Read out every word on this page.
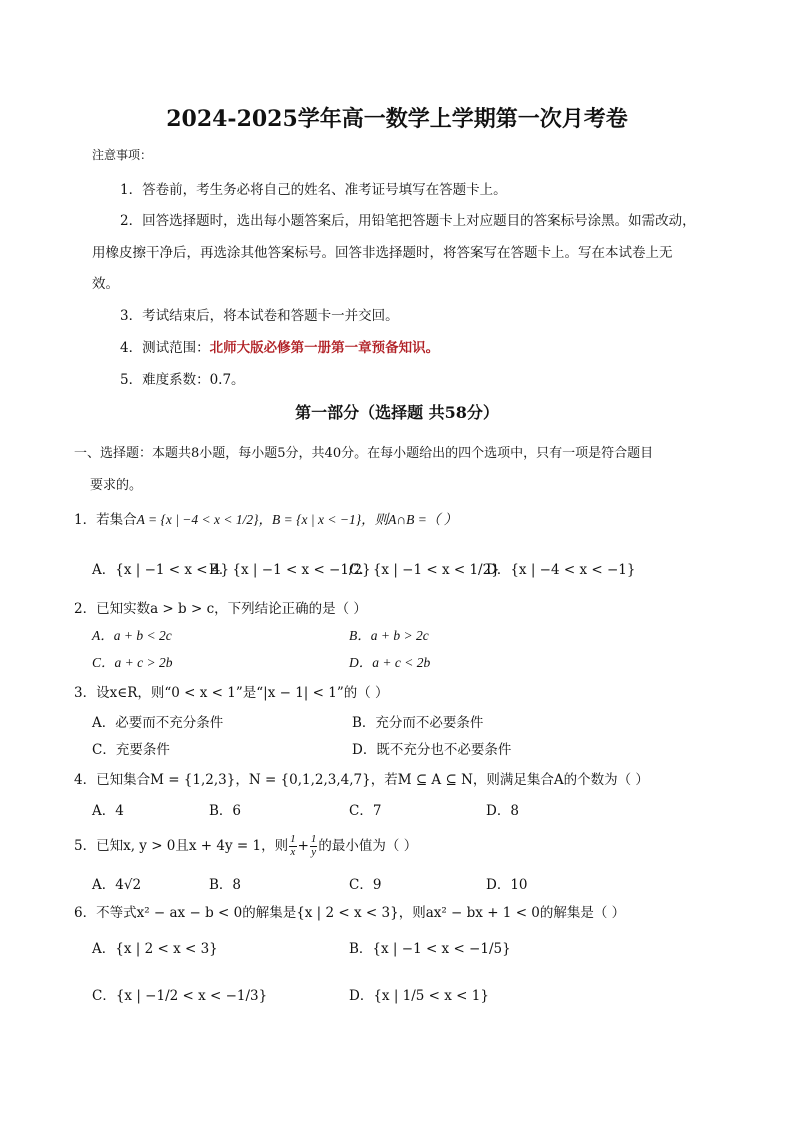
2024-2025学年高一数学上学期第一次月考卷
注意事项：
1．答卷前，考生务必将自己的姓名、准考证号填写在答题卡上。
2．回答选择题时，选出每小题答案后，用铅笔把答题卡上对应题目的答案标号涂黑。如需改动，
用橡皮擦干净后，再选涂其他答案标号。回答非选择题时，将答案写在答题卡上。写在本试卷上无
效。
3．考试结束后，将本试卷和答题卡一并交回。
4．测试范围：北师大版必修第一册第一章预备知识。
5．难度系数：0.7。
第一部分（选择题 共58分）
一、选择题：本题共8小题，每小题5分，共40分。在每小题给出的四个选项中，只有一项是符合题目
要求的。
1．若集合A = {x | −4 < x < 1/2}，B = {x | x < −1}，则A∩B =（ ）
A．{x | −1 < x < 4}
B．{x | −1 < x < −1/2}
C．{x | −1 < x < 1/2}
D．{x | −4 < x < −1}
2．已知实数a > b > c，下列结论正确的是（ ）
A．a + b < 2c	B．a + b > 2c
C．a + c > 2b	D．a + c < 2b
3．设x∈R，则“0 < x < 1”是“|x − 1| < 1”的（ ）
A．必要而不充分条件	B．充分而不必要条件
C．充要条件	D．既不充分也不必要条件
4．已知集合M = {1,2,3}，N = {0,1,2,3,4,7}，若M ⊆ A ⊆ N，则满足集合A的个数为（ ）
A．4	B．6	C．7	D．8
5．已知x, y > 0且x + 4y = 1，则 $\frac{1}{x} + \frac{1}{y}$ 的最小值为（ ）
A．4√2	B．8	C．9	D．10
6．不等式x² − ax − b < 0的解集是{x | 2 < x < 3}，则ax² − bx + 1 < 0的解集是（ ）
A．{x | 2 < x < 3}	B．{x | −1 < x < −1/5}
C．{x | −1/2 < x < −1/3}	D．{x | 1/5 < x < 1}
